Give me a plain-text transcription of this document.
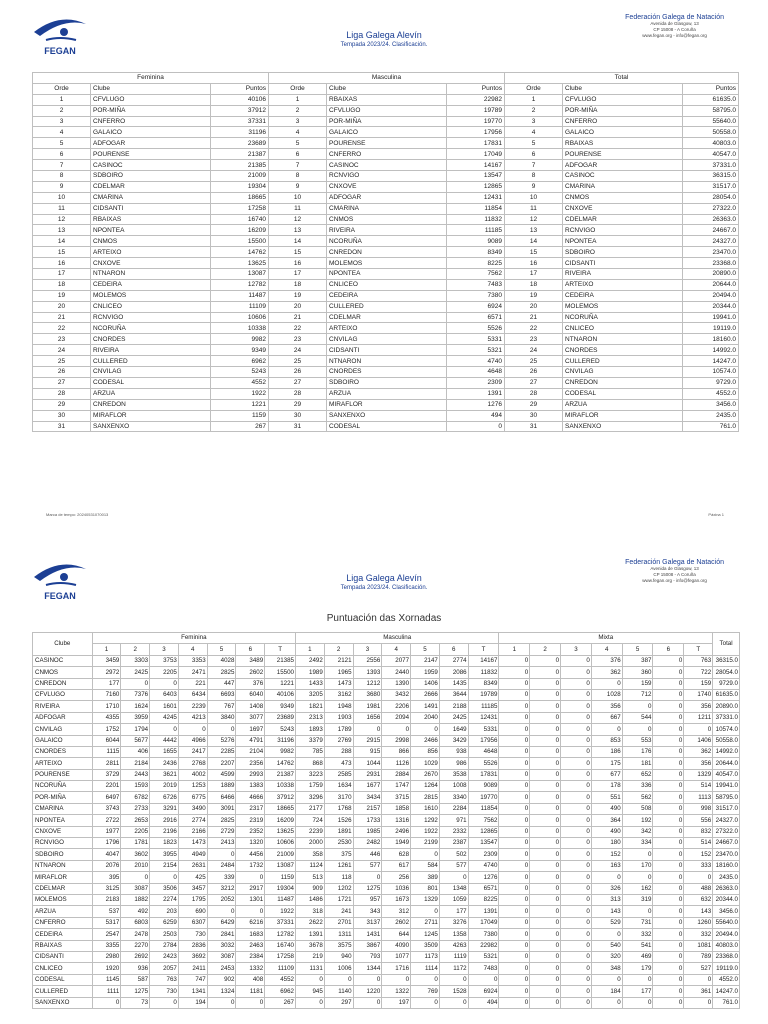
FEGAN
Liga Galega Alevín
Tempada 2023/24. Clasificación.
Federación Galega de Natación
Avenida de Glasgow, 13
CP 15008 - A Coruña
www.fegan.org - info@fegan.org
Feminina			Masculina			Total		
Orde	Clube	Puntos	Orde	Clube	Puntos	Orde	Clube	Puntos
1	CFVLUGO	40106	1	RBAIXAS	22982	1	CFVLUGO	61635.0
2	POR-MIÑA	37912	2	CFVLUGO	19789	2	POR-MIÑA	58795.0
3	CNFERRO	37331	3	POR-MIÑA	19770	3	CNFERRO	55640.0
4	GALAICO	31196	4	GALAICO	17956	4	GALAICO	50558.0
5	ADFOGAR	23689	5	POURENSE	17831	5	RBAIXAS	40803.0
6	POURENSE	21387	6	CNFERRO	17049	6	POURENSE	40547.0
7	CASINOC	21385	7	CASINOC	14167	7	ADFOGAR	37331.0
8	SDBOIRO	21009	8	RCNVIGO	13547	8	CASINOC	36315.0
9	CDELMAR	19304	9	CNXOVE	12865	9	CMARINA	31517.0
10	CMARINA	18665	10	ADFOGAR	12431	10	CNMOS	28054.0
11	CIDSANTI	17258	11	CMARINA	11854	11	CNXOVE	27322.0
12	RBAIXAS	16740	12	CNMOS	11832	12	CDELMAR	26363.0
13	NPONTEA	16209	13	RIVEIRA	11185	13	RCNVIGO	24667.0
14	CNMOS	15500	14	NCORUÑA	9089	14	NPONTEA	24327.0
15	ARTEIXO	14762	15	CNREDON	8349	15	SDBOIRO	23470.0
16	CNXOVE	13625	16	MOLEMOS	8225	16	CIDSANTI	23368.0
17	NTNARON	13087	17	NPONTEA	7562	17	RIVEIRA	20890.0
18	CEDEIRA	12782	18	CNLICEO	7483	18	ARTEIXO	20644.0
19	MOLEMOS	11487	19	CEDEIRA	7380	19	CEDEIRA	20494.0
20	CNLICEO	11109	20	CULLERED	6924	20	MOLEMOS	20344.0
21	RCNVIGO	10606	21	CDELMAR	6571	21	NCORUÑA	19941.0
22	NCORUÑA	10338	22	ARTEIXO	5526	22	CNLICEO	19119.0
23	CNORDES	9982	23	CNVILAG	5331	23	NTNARON	18160.0
24	RIVEIRA	9349	24	CIDSANTI	5321	24	CNORDES	14992.0
25	CULLERED	6962	25	NTNARON	4740	25	CULLERED	14247.0
26	CNVILAG	5243	26	CNORDES	4648	26	CNVILAG	10574.0
27	CODESAL	4552	27	SDBOIRO	2309	27	CNREDON	9729.0
28	ARZUA	1922	28	ARZUA	1391	28	CODESAL	4552.0
29	CNREDON	1221	29	MIRAFLOR	1276	29	ARZUA	3456.0
30	MIRAFLOR	1159	30	SANXENXO	494	30	MIRAFLOR	2435.0
31	SANXENXO	267	31	CODESAL	0	31	SANXENXO	761.0
Marca de tempo: 20240531070013	Páxina 1
FEGAN
Liga Galega Alevín
Tempada 2023/24. Clasificación.
Federación Galega de Natación
Avenida de Glasgow, 13
CP 15008 - A Coruña
www.fegan.org - info@fegan.org
Puntuación das Xornadas
Clube	Feminina							Masculina							Mixta							Total
	1	2	3	4	5	6	T	1	2	3	4	5	6	T	1	2	3	4	5	6	T	
CASINOC	3459	3303	3753	3353	4028	3489	21385	2492	2121	2556	2077	2147	2774	14167	0	0	0	376	387	0	763	36315.0
CNMOS	2972	2425	2205	2471	2825	2602	15500	1989	1965	1393	2440	1959	2086	11832	0	0	0	362	360	0	722	28054.0
CNREDON	177	0	0	221	447	376	1221	1433	1473	1212	1390	1406	1435	8349	0	0	0	0	159	0	159	9729.0
CFVLUGO	7160	7376	6403	6434	6693	6040	40106	3205	3162	3680	3432	2666	3644	19789	0	0	0	1028	712	0	1740	61635.0
RIVEIRA	1710	1624	1601	2239	767	1408	9349	1821	1948	1981	2206	1491	2188	11185	0	0	0	356	0	0	356	20890.0
ADFOGAR	4355	3959	4245	4213	3840	3077	23689	2313	1903	1656	2094	2040	2425	12431	0	0	0	667	544	0	1211	37331.0
CNVILAG	1752	1794	0	0	0	1697	5243	1893	1789	0	0	0	1649	5331	0	0	0	0	0	0	0	10574.0
GALAICO	6044	5677	4442	4966	5276	4791	31196	3379	2769	2915	2998	2466	3429	17956	0	0	0	853	553	0	1406	50558.0
CNORDES	1115	406	1655	2417	2285	2104	9982	785	288	915	866	856	938	4648	0	0	0	186	176	0	362	14992.0
ARTEIXO	2811	2184	2436	2768	2207	2356	14762	868	473	1044	1126	1029	986	5526	0	0	0	175	181	0	356	20644.0
POURENSE	3729	2443	3621	4002	4599	2993	21387	3223	2585	2931	2884	2670	3538	17831	0	0	0	677	652	0	1329	40547.0
NCORUÑA	2201	1593	2019	1253	1889	1383	10338	1759	1634	1677	1747	1264	1008	9089	0	0	0	178	336	0	514	19941.0
POR-MIÑA	6497	6782	6726	6775	6466	4666	37912	3296	3170	3434	3715	2815	3340	19770	0	0	0	551	562	0	1113	58795.0
CMARINA	3743	2733	3291	3490	3091	2317	18665	2177	1768	2157	1858	1610	2284	11854	0	0	0	490	508	0	998	31517.0
NPONTEA	2722	2653	2916	2774	2825	2319	16209	724	1526	1733	1316	1292	971	7562	0	0	0	364	192	0	556	24327.0
CNXOVE	1977	2205	2196	2166	2729	2352	13625	2239	1891	1985	2496	1922	2332	12865	0	0	0	490	342	0	832	27322.0
RCNVIGO	1796	1781	1823	1473	2413	1320	10606	2000	2530	2482	1949	2199	2387	13547	0	0	0	180	334	0	514	24667.0
SDBOIRO	4047	3602	3955	4949	0	4456	21009	358	375	446	628	0	502	2309	0	0	0	152	0	0	152	23470.0
NTNARON	2076	2010	2154	2631	2484	1732	13087	1124	1261	577	617	584	577	4740	0	0	0	163	170	0	333	18160.0
MIRAFLOR	395	0	0	425	339	0	1159	513	118	0	256	389	0	1276	0	0	0	0	0	0	0	2435.0
CDELMAR	3125	3087	3506	3457	3212	2917	19304	909	1202	1275	1036	801	1348	6571	0	0	0	326	162	0	488	26363.0
MOLEMOS	2183	1882	2274	1795	2052	1301	11487	1486	1721	957	1673	1329	1059	8225	0	0	0	313	319	0	632	20344.0
ARZUA	537	492	203	690	0	0	1922	318	241	343	312	0	177	1391	0	0	0	143	0	0	143	3456.0
CNFERRO	5317	6803	6259	6307	6429	6216	37331	2622	2701	3137	2602	2711	3276	17049	0	0	0	529	731	0	1260	55640.0
CEDEIRA	2547	2478	2503	730	2841	1683	12782	1391	1311	1431	644	1245	1358	7380	0	0	0	0	332	0	332	20494.0
RBAIXAS	3355	2270	2784	2836	3032	2463	16740	3678	3575	3867	4090	3509	4263	22982	0	0	0	540	541	0	1081	40803.0
CIDSANTI	2980	2692	2423	3692	3087	2384	17258	219	940	793	1077	1173	1119	5321	0	0	0	320	469	0	789	23368.0
CNLICEO	1920	936	2057	2411	2453	1332	11109	1131	1006	1344	1716	1114	1172	7483	0	0	0	348	179	0	527	19119.0
CODESAL	1145	587	763	747	902	408	4552	0	0	0	0	0	0	0	0	0	0	0	0	0	0	4552.0
CULLERED	1111	1275	730	1341	1324	1181	6962	945	1140	1220	1322	769	1528	6924	0	0	0	184	177	0	361	14247.0
SANXENXO	0	73	0	194	0	0	267	0	297	0	197	0	0	494	0	0	0	0	0	0	0	761.0
